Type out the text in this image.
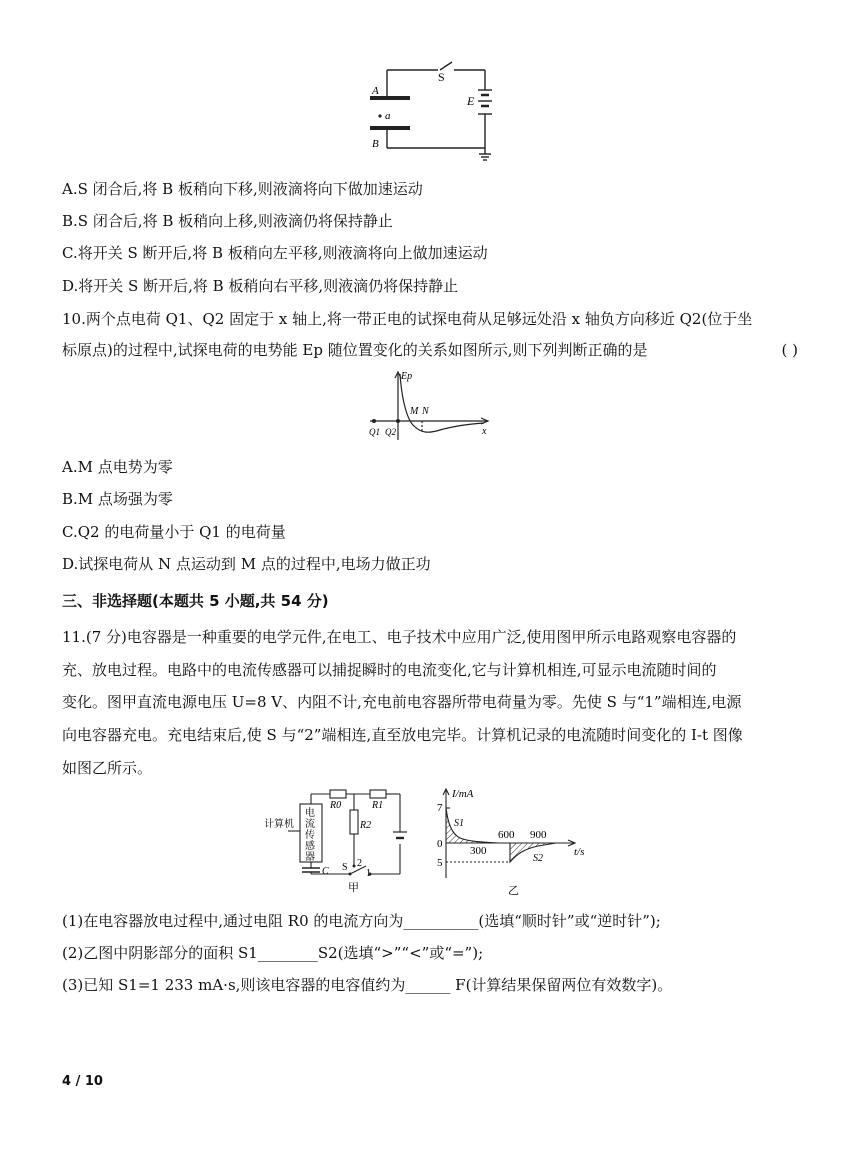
A
B
S
E
a
A.S 闭合后,将 B 板稍向下移,则液滴将向下做加速运动
B.S 闭合后,将 B 板稍向上移,则液滴仍将保持静止
C.将开关 S 断开后,将 B 板稍向左平移,则液滴将向上做加速运动
D.将开关 S 断开后,将 B 板稍向右平移,则液滴仍将保持静止
10.两个点电荷 Q1、Q2 固定于 x 轴上,将一带正电的试探电荷从足够远处沿 x 轴负方向移近 Q2(位于坐
标原点)的过程中,试探电荷的电势能 Ep 随位置变化的关系如图所示,则下列判断正确的是	( )
Ep
M N
x
Q1 Q2
A.M 点电势为零
B.M 点场强为零
C.Q2 的电荷量小于 Q1 的电荷量
D.试探电荷从 N 点运动到 M 点的过程中,电场力做正功
三、非选择题(本题共 5 小题,共 54 分)
11.(7 分)电容器是一种重要的电学元件,在电工、电子技术中应用广泛,使用图甲所示电路观察电容器的
充、放电过程。电路中的电流传感器可以捕捉瞬时的电流变化,它与计算机相连,可显示电流随时间的
变化。图甲直流电源电压 U=8 V、内阻不计,充电前电容器所带电荷量为零。先使 S 与“1”端相连,电源
向电容器充电。充电结束后,使 S 与“2”端相连,直至放电完毕。计算机记录的电流随时间变化的 I-t 图像
如图乙所示。
计算机
电
流
传
感
器
R0	R1
R2
C S 2
1
甲
I/mA
t/s
7
0
5
300
600 900
S1
S2
乙
(1)在电容器放电过程中,通过电阻 R0 的电流方向为__________(选填“顺时针”或“逆时针”);
(2)乙图中阴影部分的面积 S1________S2(选填“>”“<”或“=”);
(3)已知 S1=1 233 mA·s,则该电容器的电容值约为______ F(计算结果保留两位有效数字)。
4 / 10
